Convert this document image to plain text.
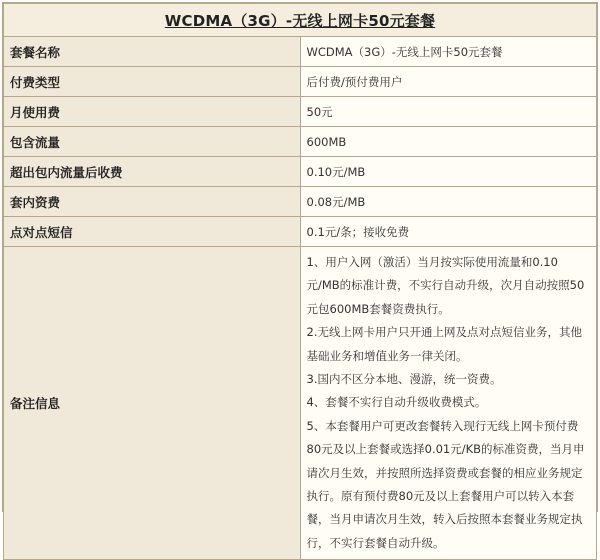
WCDMA（3G）-无线上网卡50元套餐	
套餐名称	WCDMA（3G）-无线上网卡50元套餐
付费类型	后付费/预付费用户
月使用费	50元
包含流量	600MB
超出包内流量后收费	0.10元/MB
套内资费	0.08元/MB
点对点短信	0.1元/条；接收免费
备注信息	1、用户入网（激活）当月按实际使用流量和0.10元/MB的标准计费，不实行自动升级，次月自动按照50元包600MB套餐资费执行。
2.无线上网卡用户只开通上网及点对点短信业务，其他基础业务和增值业务一律关闭。
3.国内不区分本地、漫游，统一资费。
4、套餐不实行自动升级收费模式。
5、本套餐用户可更改套餐转入现行无线上网卡预付费80元及以上套餐或选择0.01元/KB的标准资费，当月申请次月生效，并按照所选择资费或套餐的相应业务规定执行。原有预付费80元及以上套餐用户可以转入本套餐，当月申请次月生效，转入后按照本套餐业务规定执行，不实行套餐自动升级。
